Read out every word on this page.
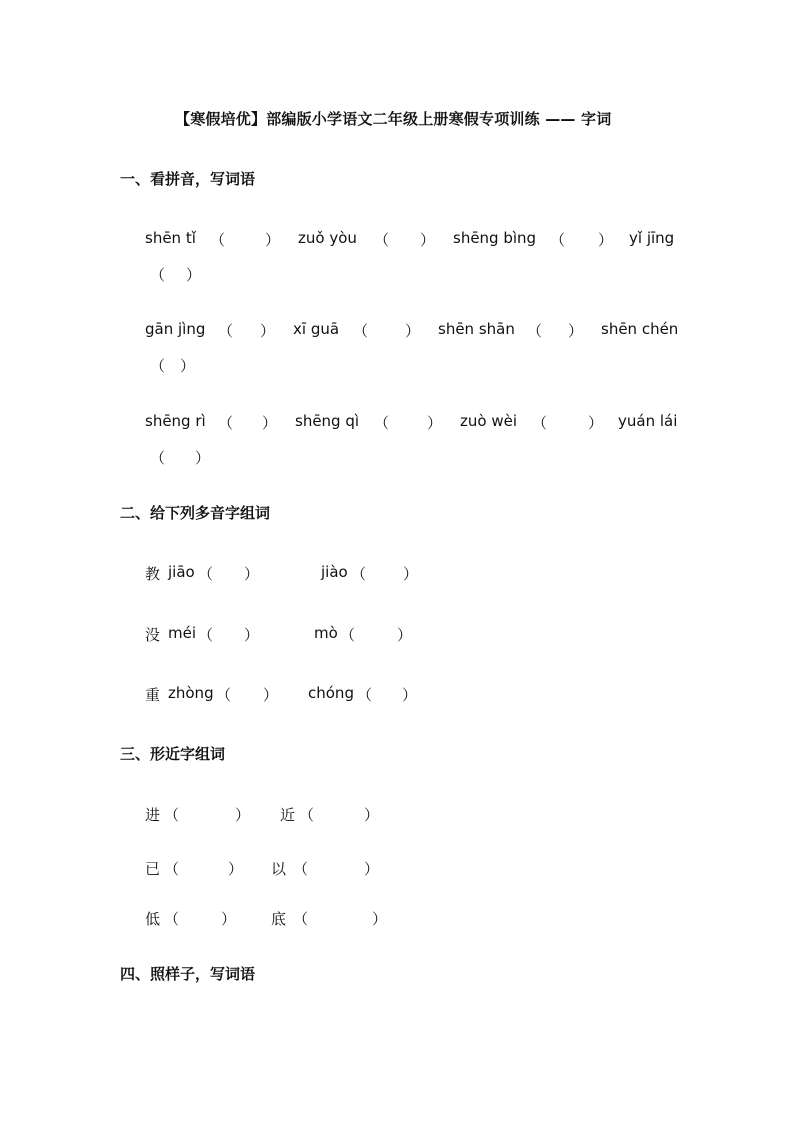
【寒假培优】部编版小学语文二年级上册寒假专项训练 —— 字词
一、看拼音，写词语
shēn tǐ （	） zuǒ yòu （ ） shēng bìng （ ） yǐ jīng
（ ）
gān jìng （ ） xī guā （ ） shēn shān （ ） shēn chén
（ ）
shēng rì （ ） shēng qì （	） zuò wèi （	） yuán lái
（ ）
二、给下列多音字组词
教 jiāo （ ）	jiào （ ）
没 méi （ ）	mò （	）
重 zhòng （ ） chóng （ ）
三、形近字组词
进 （	） 近 （	）
已 （	） 以 （	）
低 （	） 底 （	）
四、照样子，写词语
